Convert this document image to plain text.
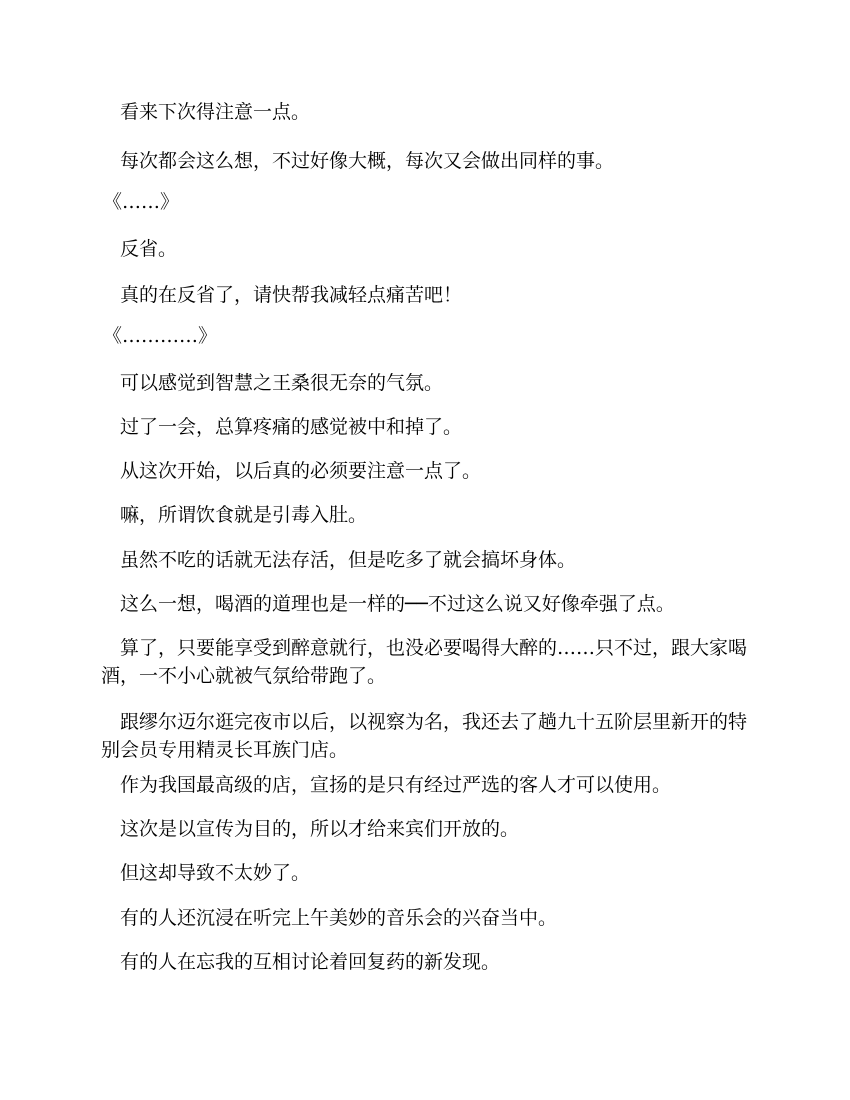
看来下次得注意一点。

每次都会这么想，不过好像大概，每次又会做出同样的事。

《……》

反省。

真的在反省了，请快帮我减轻点痛苦吧！

《…………》

可以感觉到智慧之王桑很无奈的气氛。

过了一会，总算疼痛的感觉被中和掉了。

从这次开始，以后真的必须要注意一点了。

嘛，所谓饮食就是引毒入肚。

虽然不吃的话就无法存活，但是吃多了就会搞坏身体。

这么一想，喝酒的道理也是一样的──不过这么说又好像牵强了点。

算了，只要能享受到醉意就行，也没必要喝得大醉的……只不过，跟大家喝酒，一不小心就被气氛给带跑了。

跟缪尔迈尔逛完夜市以后，以视察为名，我还去了趟九十五阶层里新开的特别会员专用精灵长耳族门店。

作为我国最高级的店，宣扬的是只有经过严选的客人才可以使用。

这次是以宣传为目的，所以才给来宾们开放的。

但这却导致不太妙了。

有的人还沉浸在听完上午美妙的音乐会的兴奋当中。

有的人在忘我的互相讨论着回复药的新发现。
